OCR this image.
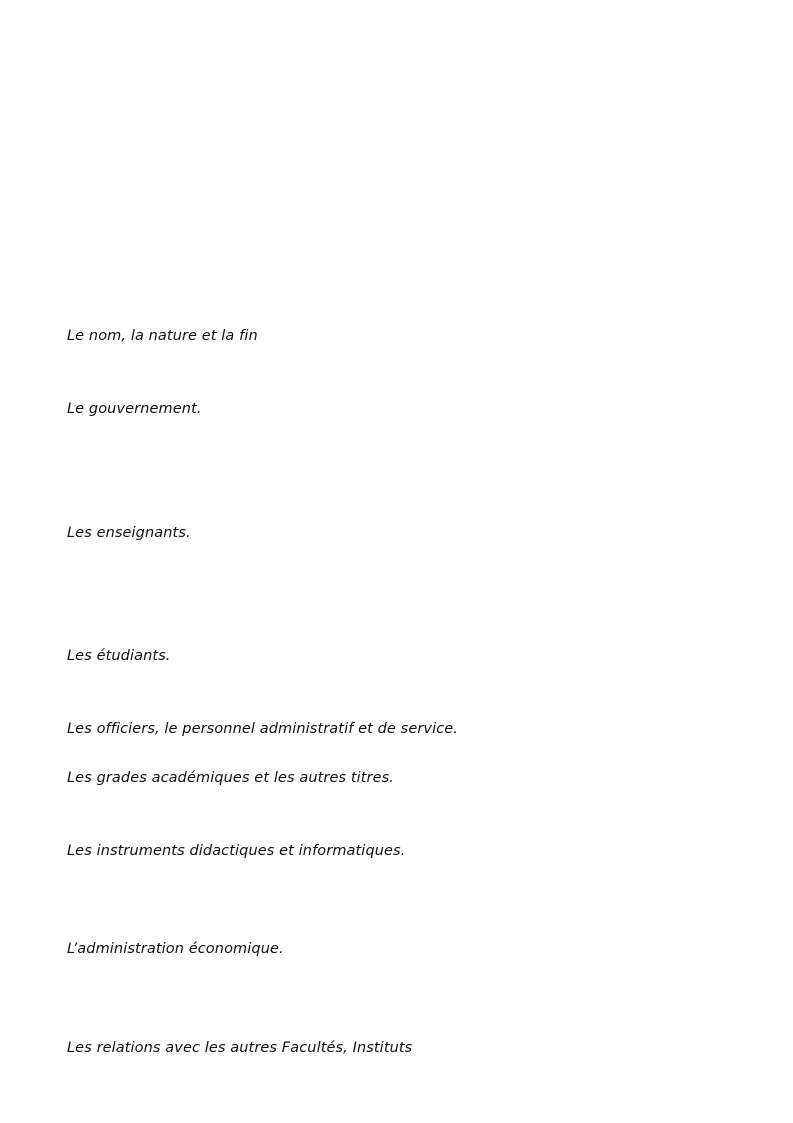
Le nom, la nature et la fin

Le gouvernement.

Les enseignants.

Les étudiants.

Les officiers, le personnel administratif et de service.

Les grades académiques et les autres titres.

Les instruments didactiques et informatiques.

L’administration économique.

Les relations avec les autres Facultés, Instituts
